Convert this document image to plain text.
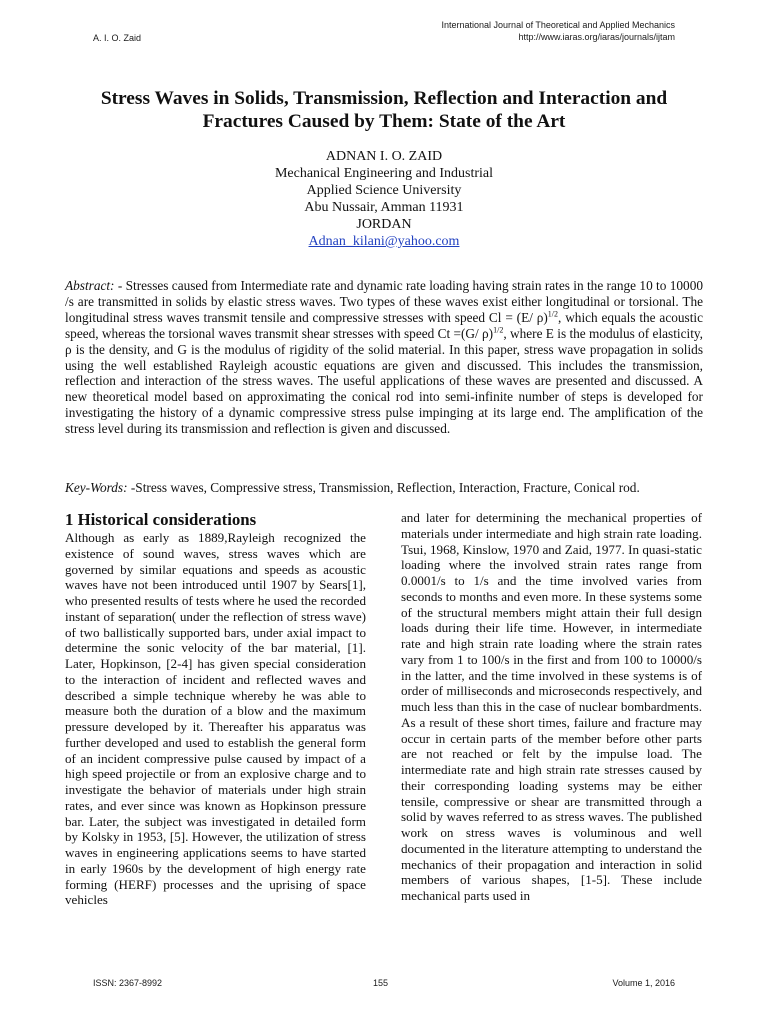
A. I. O. Zaid
International Journal of Theoretical and Applied Mechanics
http://www.iaras.org/iaras/journals/ijtam
Stress Waves in Solids, Transmission, Reflection and Interaction and Fractures Caused by Them: State of the Art
ADNAN I. O. ZAID
Mechanical Engineering and Industrial
Applied Science University
Abu Nussair, Amman 11931
JORDAN
Adnan_kilani@yahoo.com

Abstract: - Stresses caused from Intermediate rate and dynamic rate loading having strain rates in the range 10 to 10000 /s are transmitted in solids by elastic stress waves. Two types of these waves exist either longitudinal or torsional. The longitudinal stress waves transmit tensile and compressive stresses with speed Cl = (E/ ρ)$^{1/2}$, which equals the acoustic speed, whereas the torsional waves transmit shear stresses with speed Ct =(G/ ρ)$^{1/2}$, where E is the modulus of elasticity, ρ is the density, and G is the modulus of rigidity of the solid material. In this paper, stress wave propagation in solids using the well established Rayleigh acoustic equations are given and discussed. This includes the transmission, reflection and interaction of the stress waves. The useful applications of these waves are presented and discussed. A new theoretical model based on approximating the conical rod into semi-infinite number of steps is developed for investigating the history of a dynamic compressive stress pulse impinging at its large end. The amplification of the stress level during its transmission and reflection is given and discussed.

Key-Words: -Stress waves, Compressive stress, Transmission, Reflection, Interaction, Fracture, Conical rod.

1 Historical considerations

Although as early as 1889,Rayleigh recognized the existence of sound waves, stress waves which are governed by similar equations and speeds as acoustic waves have not been introduced until 1907 by Sears[1], who presented results of tests where he used the recorded instant of separation( under the reflection of stress wave) of two ballistically supported bars, under axial impact to determine the sonic velocity of the bar material, [1]. Later, Hopkinson, [2-4] has given special consideration to the interaction of incident and reflected waves and described a simple technique whereby he was able to measure both the duration of a blow and the maximum pressure developed by it. Thereafter his apparatus was further developed and used to establish the general form of an incident compressive pulse caused by impact of a high speed projectile or from an explosive charge and to investigate the behavior of materials under high strain rates, and ever since was known as Hopkinson pressure bar. Later, the subject was investigated in detailed form by Kolsky in 1953, [5]. However, the utilization of stress waves in engineering applications seems to have started in early 1960s by the development of high energy rate forming (HERF) processes and the uprising of space vehicles

and later for determining the mechanical properties of materials under intermediate and high strain rate loading. Tsui, 1968, Kinslow, 1970 and Zaid, 1977. In quasi-static loading where the involved strain rates range from 0.0001/s to 1/s and the time involved varies from seconds to months and even more. In these systems some of the structural members might attain their full design loads during their life time. However, in intermediate rate and high strain rate loading where the strain rates vary from 1 to 100/s in the first and from 100 to 10000/s in the latter, and the time involved in these systems is of order of milliseconds and microseconds respectively, and much less than this in the case of nuclear bombardments. As a result of these short times, failure and fracture may occur in certain parts of the member before other parts are not reached or felt by the impulse load. The intermediate rate and high strain rate stresses caused by their corresponding loading systems may be either tensile, compressive or shear are transmitted through a solid by waves referred to as stress waves. The published work on stress waves is voluminous and well documented in the literature attempting to understand the mechanics of their propagation and interaction in solid members of various shapes, [1-5]. These include mechanical parts used in

ISSN: 2367-8992	155	Volume 1, 2016
